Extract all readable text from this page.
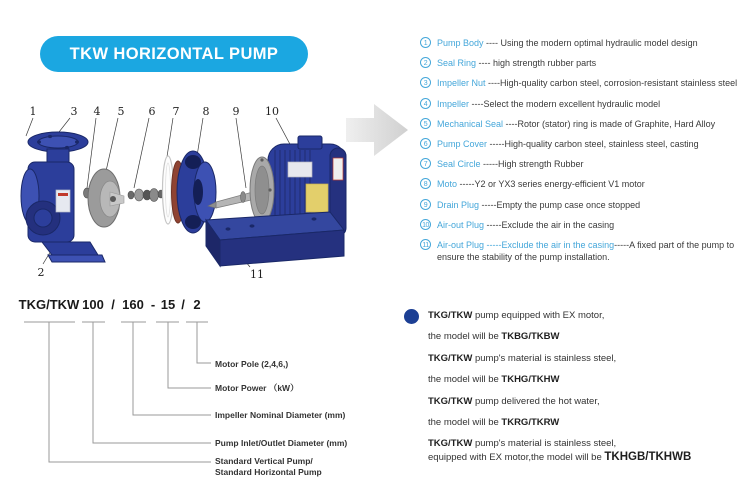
TKW HORIZONTAL PUMP
1	3 4 5 6 7 8 9 10
2	11
1	Pump Body ---- Using the modern optimal hydraulic model design
2	Seal Ring ---- high strength rubber parts
3	Impeller Nut ----High-quality carbon steel, corrosion-resistant stainless steel
4	Impeller ----Select the modern excellent hydraulic model
5	Mechanical Seal ----Rotor (stator) ring is made of Graphite, Hard Alloy
6	Pump Cover -----High-quality carbon steel, stainless steel, casting
7	Seal Circle -----High strength Rubber
8	Moto -----Y2 or YX3 series energy-efficient V1 motor
9	Drain Plug -----Empty the pump case once stopped
10 Air-out Plug -----Exclude the air in the casing
11 Air-out Plug -----Exclude the air in the casing-----A fixed part of the pump to ensure the stability of the pump installation.
TKG/TKW 100 / 160 - 15 / 2
Motor Pole (2,4,6,)
Motor Power （kW）
Impeller Nominal Diameter (mm)
Pump Inlet/Outlet Diameter (mm)
Standard Vertical Pump/
Standard Horizontal Pump
TKG/TKW pump equipped with EX motor,
the model will be TKBG/TKBW
TKG/TKW pump's material is stainless steel,
the model will be TKHG/TKHW
TKG/TKW pump delivered the hot water,
the model will be TKRG/TKRW
TKG/TKW pump's material is stainless steel,
equipped with EX motor,the model will be TKHGB/TKHWB
